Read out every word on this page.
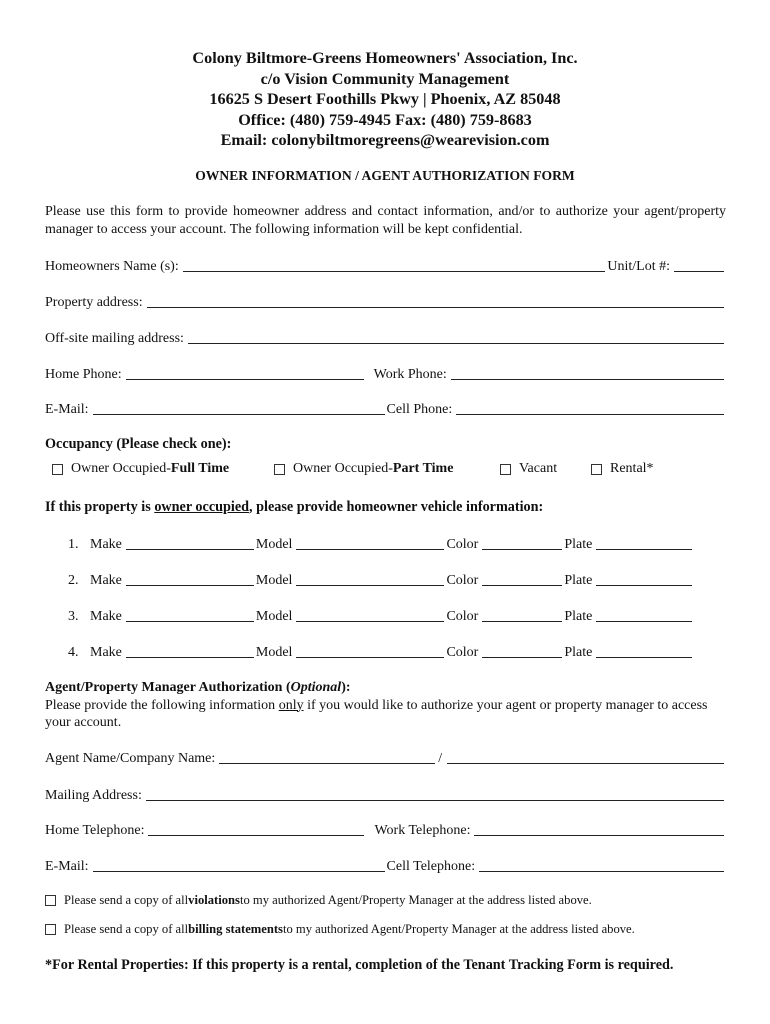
Colony Biltmore-Greens Homeowners' Association, Inc.
c/o Vision Community Management
16625 S Desert Foothills Pkwy | Phoenix, AZ 85048
Office: (480) 759-4945 Fax: (480) 759-8683
Email: colonybiltmoregreens@wearevision.com
OWNER INFORMATION / AGENT AUTHORIZATION FORM
Please use this form to provide homeowner address and contact information, and/or to authorize your agent/property manager to access your account. The following information will be kept confidential.
Homeowners Name (s):	Unit/Lot #:
Property address:
Off-site mailing address:
Home Phone:	Work Phone:
E-Mail:	Cell Phone:
Occupancy (Please check one):
Owner Occupied- Full Time	Owner Occupied- Part Time	Vacant	Rental*
If this property is owner occupied, please provide homeowner vehicle information:
1. Make	Model	Color	Plate
2. Make	Model	Color	Plate
3. Make	Model	Color	Plate
4. Make	Model	Color	Plate
Agent/Property Manager Authorization (Optional):
Please provide the following information only if you would like to authorize your agent or property manager to access your account.
Agent Name/Company Name:	/
Mailing Address:
Home Telephone:	Work Telephone:
E-Mail:	Cell Telephone:
Please send a copy of all violations to my authorized Agent/Property Manager at the address listed above.
Please send a copy of all billing statements to my authorized Agent/Property Manager at the address listed above.
*For Rental Properties: If this property is a rental, completion of the Tenant Tracking Form is required.
